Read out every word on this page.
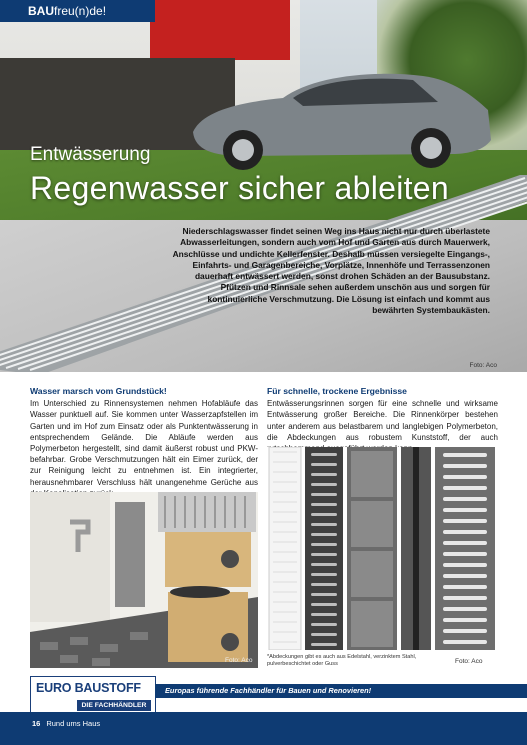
BAUfreu(n)de!
Entwässerung
Regenwasser sicher ableiten
Niederschlagswasser findet seinen Weg ins Haus nicht nur durch überlastete Abwasserleitungen, sondern auch vom Hof und Garten aus durch Mauerwerk, Anschlüsse und undichte Kellerfenster. Deshalb müssen versiegelte Eingangs-, Einfahrts- und Garagenbereiche, Vorplätze, Innenhöfe und Terrassenzonen dauerhaft entwässert werden, sonst drohen Schäden an der Bausubstanz. Pfützen und Rinnsale sehen außerdem unschön aus und sorgen für kontinuierliche Verschmutzung. Die Lösung ist einfach und kommt aus bewährten Systembaukästen.
Foto: Aco
Wasser marsch vom Grundstück!

Im Unterschied zu Rinnensystemen nehmen Hofabläufe das Wasser punktuell auf. Sie kommen unter Wasserzapfstellen im Garten und im Hof zum Einsatz oder als Punktentwässerung in entsprechendem Gelände. Die Abläufe werden aus Polymerbeton hergestellt, sind damit äußerst robust und PKW-befahrbar. Grobe Verschmutzungen hält ein Eimer zurück, der zur Reinigung leicht zu entnehmen ist. Ein integrierter, herausnehmbarer Verschluss hält unangenehme Gerüche aus

Foto: Aco
Für schnelle, trockene Ergebnisse

Entwässerungsrinnen sorgen für eine schnelle und wirksame Entwässerung großer Bereiche. Die Rinnenkörper bestehen unter anderem aus belastbarem und langlebigen Polymerbeton, die Abdeckungen aus robustem Kunststoff, der auch

*Abdeckungen gibt es auch aus Edelstahl, verzinktem Stahl, pulverbeschichtet oder Guss	Foto: Aco
EURO BAUSTOFF
DIE FACHHÄNDLER
Europas führende Fachhändler für Bauen und Renovieren!
16 Rund ums Haus
